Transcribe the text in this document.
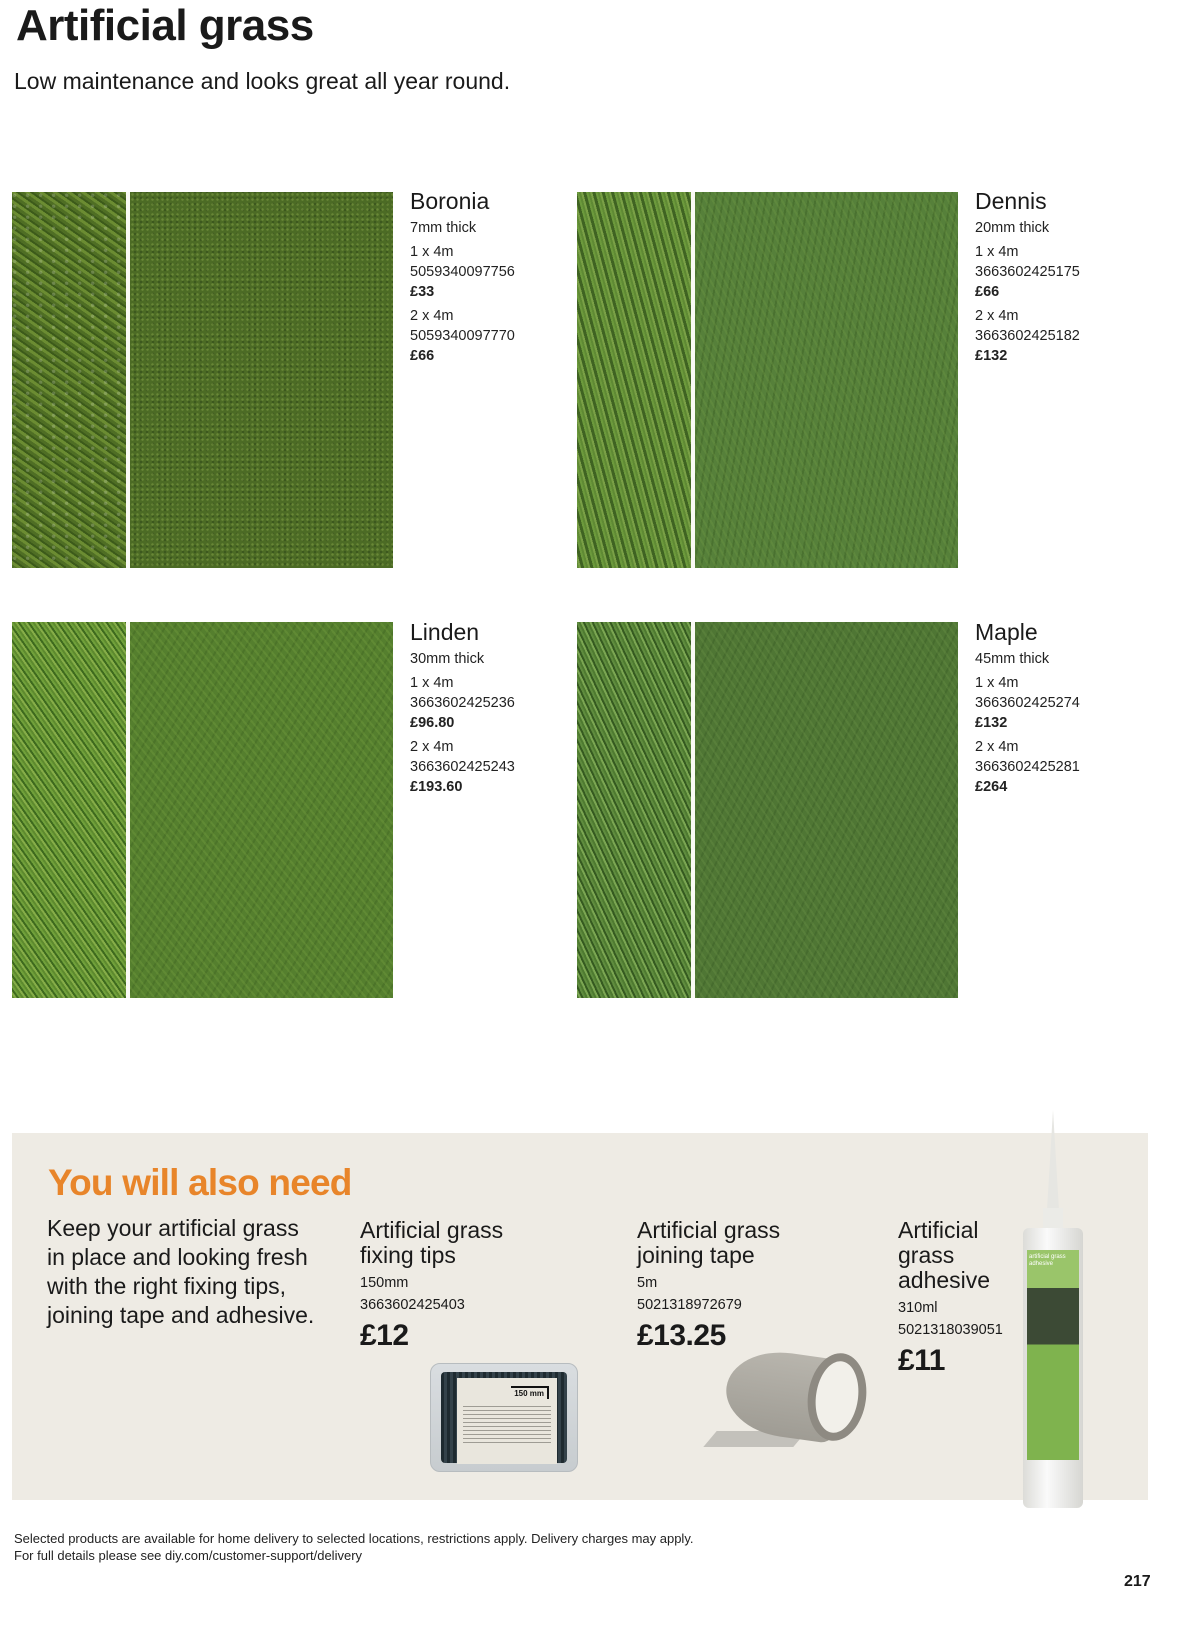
Artificial grass

Low maintenance and looks great all year round.

Boronia
7mm thick
1 x 4m
5059340097756
£33
2 x 4m
5059340097770
£66
Dennis
20mm thick
1 x 4m
3663602425175
£66
2 x 4m
3663602425182
£132
Linden
30mm thick
1 x 4m
3663602425236
£96.80
2 x 4m
3663602425243
£193.60
Maple
45mm thick
1 x 4m
3663602425274
£132
2 x 4m
3663602425281
£264
You will also need

Keep your artificial grass in place and looking fresh with the right fixing tips, joining tape and adhesive.

Artificial grass fixing tips
150mm
3663602425403
£12
150 mm
Artificial grass joining tape
5m
5021318972679
£13.25
Artificial grass adhesive
310ml
5021318039051
£11
artificial grass adhesive

Selected products are available for home delivery to selected locations, restrictions apply. Delivery charges may apply.
For full details please see diy.com/customer-support/delivery

217
